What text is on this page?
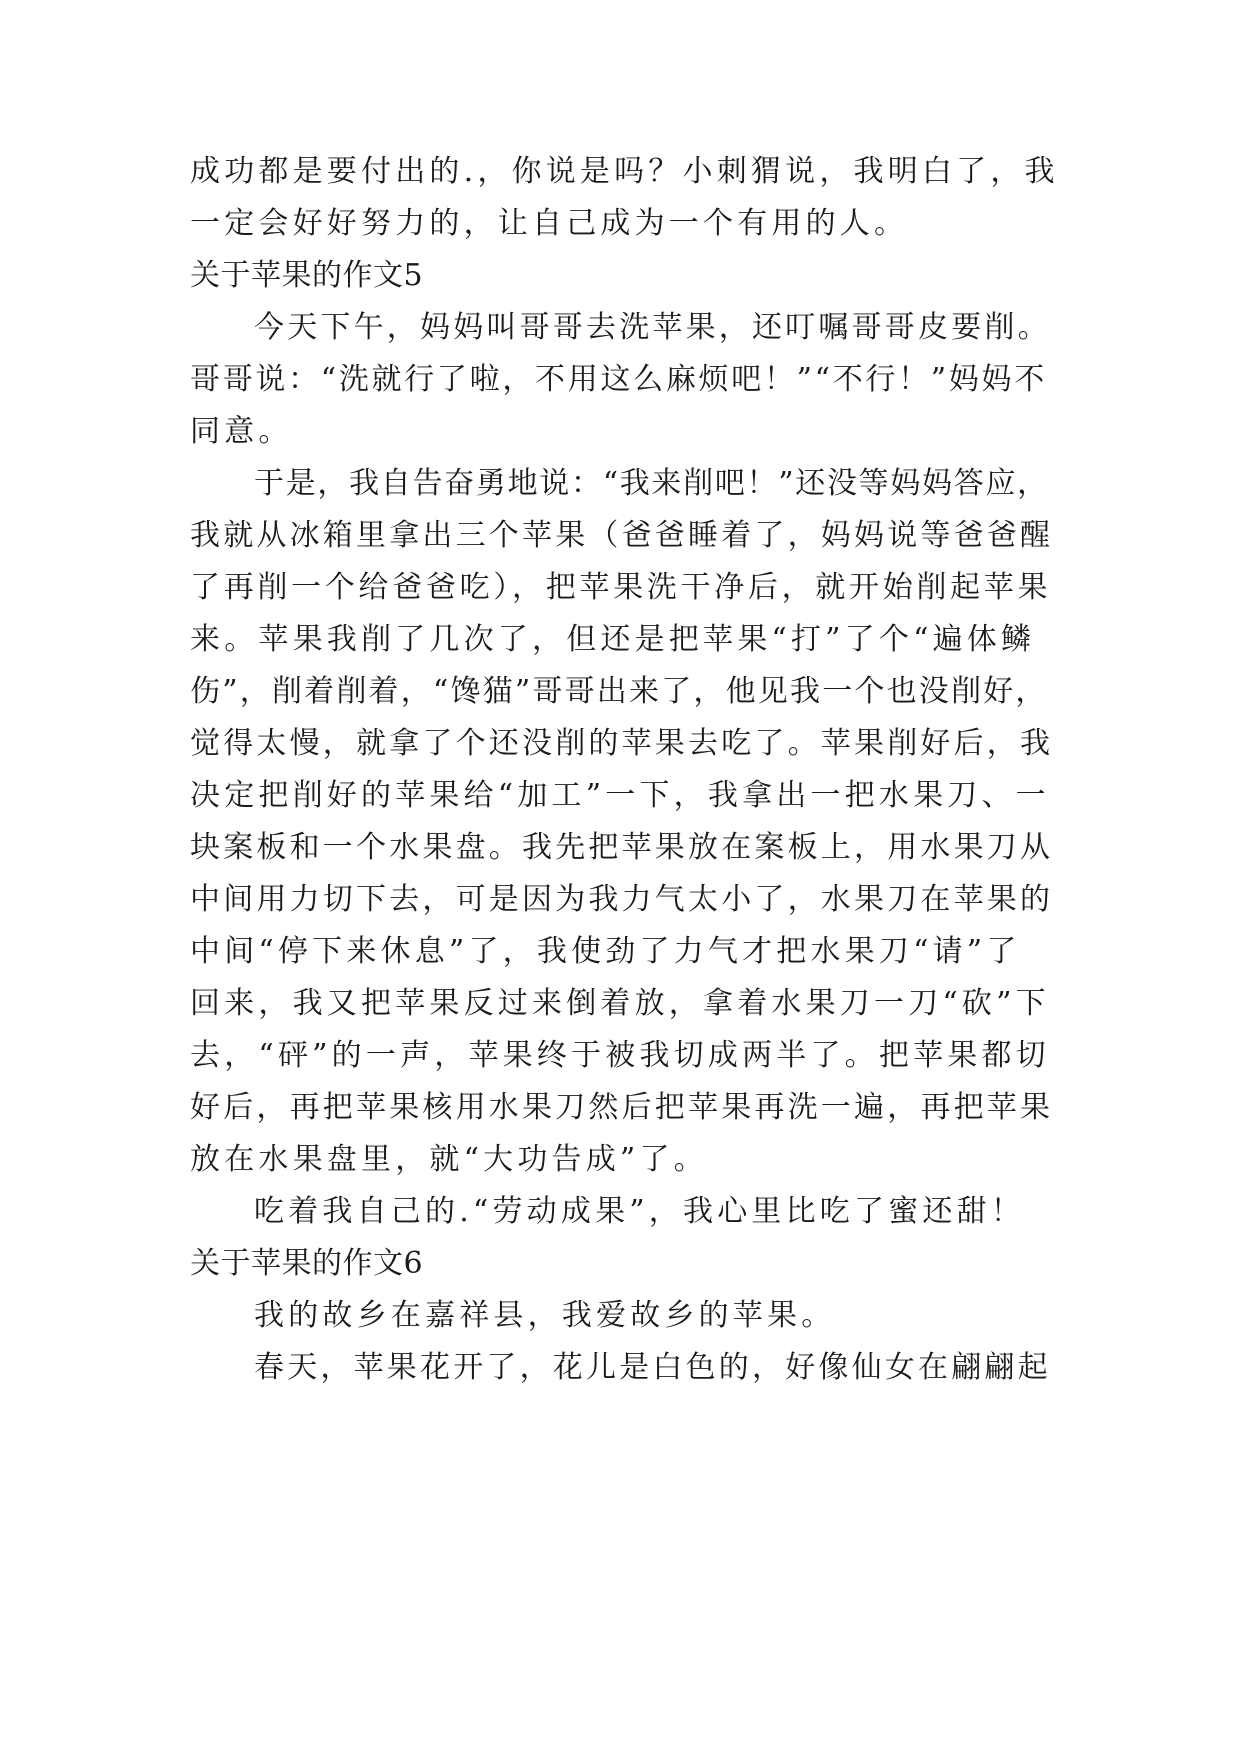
成功都是要付出的.，你说是吗？小刺猬说，我明白了，我
一定会好好努力的，让自己成为一个有用的人。
关于苹果的作文5
今天下午，妈妈叫哥哥去洗苹果，还叮嘱哥哥皮要削。
哥哥说：“洗就行了啦，不用这么麻烦吧！”“不行！”妈妈不
同意。
于是，我自告奋勇地说：“我来削吧！”还没等妈妈答应，
我就从冰箱里拿出三个苹果（爸爸睡着了，妈妈说等爸爸醒
了再削一个给爸爸吃），把苹果洗干净后，就开始削起苹果
来。苹果我削了几次了，但还是把苹果“打”了个“遍体鳞
伤”，削着削着，“馋猫”哥哥出来了，他见我一个也没削好，
觉得太慢，就拿了个还没削的苹果去吃了。苹果削好后，我
决定把削好的苹果给“加工”一下，我拿出一把水果刀、一
块案板和一个水果盘。我先把苹果放在案板上，用水果刀从
中间用力切下去，可是因为我力气太小了，水果刀在苹果的
中间“停下来休息”了，我使劲了力气才把水果刀“请”了
回来，我又把苹果反过来倒着放，拿着水果刀一刀“砍”下
去，“砰”的一声，苹果终于被我切成两半了。把苹果都切
好后，再把苹果核用水果刀然后把苹果再洗一遍，再把苹果
放在水果盘里，就“大功告成”了。
吃着我自己的.“劳动成果”，我心里比吃了蜜还甜！
关于苹果的作文6
我的故乡在嘉祥县，我爱故乡的苹果。
春天，苹果花开了，花儿是白色的，好像仙女在翩翩起
